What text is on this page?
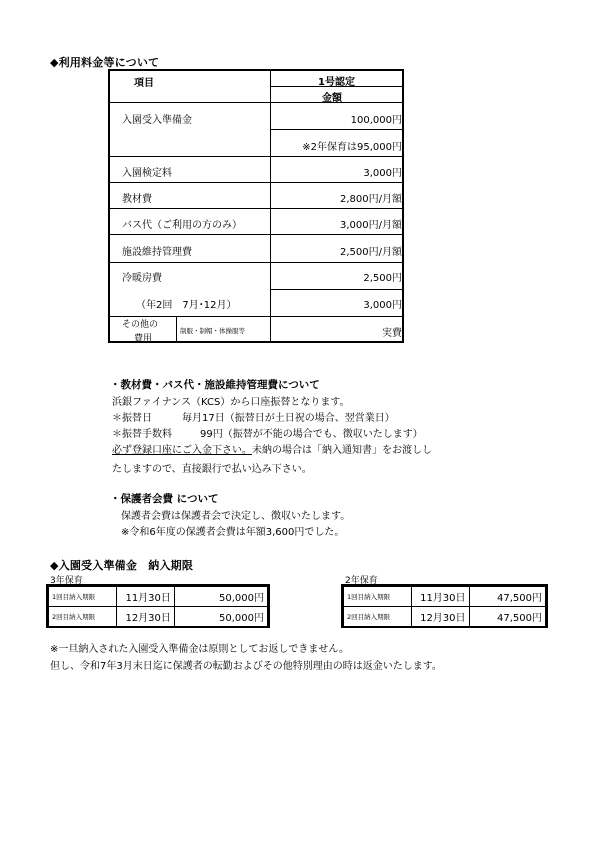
◆利用料金等について
項目	1号認定
金額
入園受入準備金	100,000円
※2年保育は95,000円
入園検定料	3,000円
教材費	2,800円/月額
バス代（ご利用の方のみ）	3,000円/月額
施設維持管理費	2,500円/月額
冷暖房費	2,500円
（年2回　7月･12月）	3,000円
その他の
費用
制服・制帽・体操服等	実費
・教材費・バス代・施設維持管理費について
浜銀ファイナンス（KCS）から口座振替となります。
＊振替日	毎月17日（振替日が土日祝の場合、翌営業日）
＊振替手数料	99円（振替が不能の場合でも、徴収いたします）
必ず登録口座にご入金下さい。未納の場合は「納入通知書」をお渡しし
たしますので、直接銀行で払い込み下さい。
・保護者会費 について
保護者会費は保護者会で決定し、徴収いたします。
※令和6年度の保護者会費は年額3,600円でした。
◆入園受入準備金　納入期限
3年保育
1回目納入期限	11月30日	50,000円
2回目納入期限	12月30日	50,000円
2年保育
1回目納入期限	11月30日	47,500円
2回目納入期限	12月30日	47,500円
※一旦納入された入園受入準備金は原則としてお返しできません。
但し、令和7年3月末日迄に保護者の転勤およびその他特別理由の時は返金いたします。
